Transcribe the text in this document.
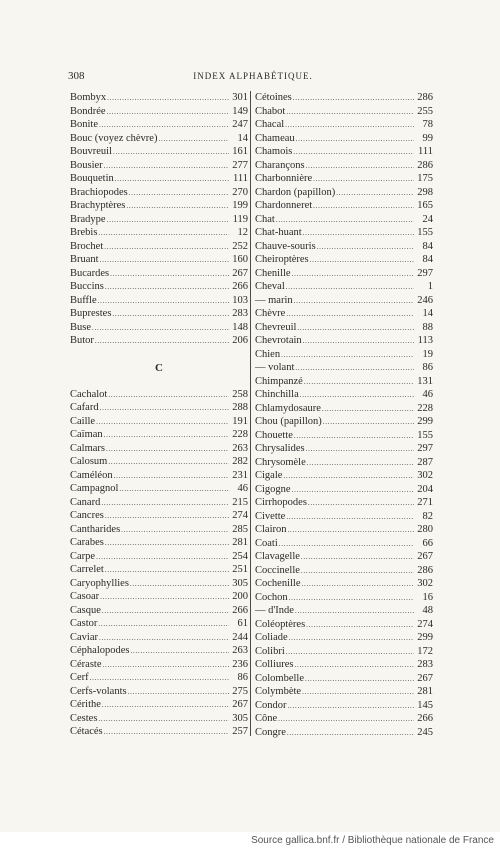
308	INDEX ALPHABÉTIQUE.
Bombyx . . .	301
Bondrée . . .	149
Bonite . . .	247
Bouc (voyez chèvre) . . .	14
Bouvreuil . . .	161
Bousier . . .	277
Bouquetin . . .	111
Brachiopodes . . .	270
Brachyptères . . .	199
Bradype . . .	119
Brebis . . .	12
Brochet . . .	252
Bruant . . .	160
Bucardes . . .	267
Buccins . . .	266
Buffle . . .	103
Buprestes . . .	283
Buse . . .	148
Butor . . .	206
C
Cachalot . . .	258
Cafard . . .	288
Caille . . .	191
Caïman . . .	228
Calmars . . .	263
Calosum . . .	282
Caméléon . . .	231
Campagnol . . .	46
Canard . . .	215
Cancres . . .	274
Cantharides . . .	285
Carabes . . .	281
Carpe . . .	254
Carrelet . . .	251
Caryophyllies . . .	305
Casoar . . .	200
Casque . . .	266
Castor . . .	61
Caviar . . .	244
Céphalopodes . . .	263
Céraste . . .	236
Cerf . . .	86
Cerfs-volants . . .	275
Cérithe . . .	267
Cestes . . .	305
Cétacés . . .	257
Cétoines . . .	286
Chabot . . .	255
Chacal . . .	78
Chameau . . .	99
Chamois . . .	111
Charançons . . .	286
Charbonnière . . .	175
Chardon (papillon) . . .	298
Chardonneret . . .	165
Chat . . .	24
Chat-huant . . .	155
Chauve-souris . . .	84
Cheiroptères . . .	84
Chenille . . .	297
Cheval . . .	1
— marin . . .	246
Chèvre . . .	14
Chevreuil . . .	88
Chevrotain . . .	113
Chien . . .	19
— volant . . .	86
Chimpanzé . . .	131
Chinchilla . . .	46
Chlamydosaure . . .	228
Chou (papillon) . . .	299
Chouette . . .	155
Chrysalides . . .	297
Chrysomèle . . .	287
Cigale . . .	302
Cigogne . . .	204
Cirrhopodes . . .	271
Civette . . .	82
Clairon . . .	280
Coati . . .	66
Clavagelle . . .	267
Coccinelle . . .	286
Cochenille . . .	302
Cochon . . .	16
— d'Inde . . .	48
Coléoptères . . .	274
Coliade . . .	299
Colibri . . .	172
Colliures . . .	283
Colombelle . . .	267
Colymbète . . .	281
Condor . . .	145
Cône . . .	266
Congre . . .	245
Source gallica.bnf.fr / Bibliothèque nationale de France
